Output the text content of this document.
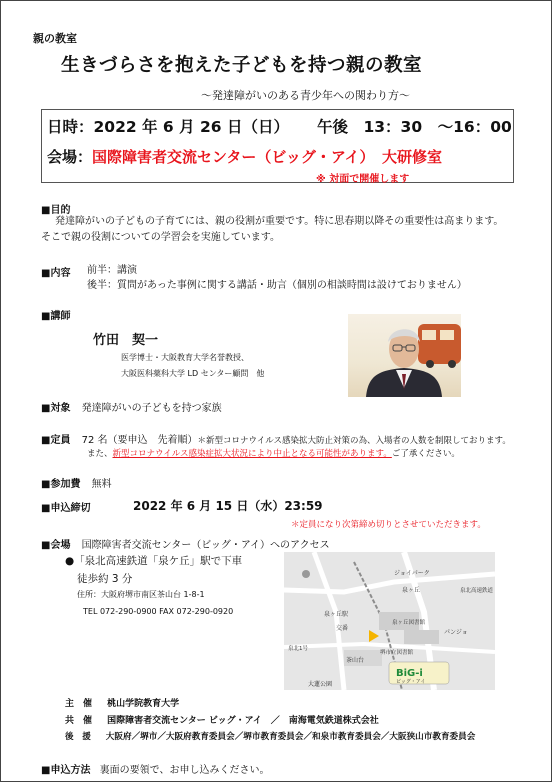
親の教室
生きづらさを抱えた子どもを持つ親の教室
～発達障がいのある青少年への関わり方～
日時：2022 年 6 月 26 日（日） 午後　13：30　～16：00
会場：国際障害者交流センター（ビッグ・アイ）　大研修室
※ 対面で開催します
■目的
発達障がいの子どもの子育てには、親の役割が重要です。特に思春期以降その重要性は高まります。
そこで親の役割についての学習会を実施しています。
■内容 前半：講演
後半：質問があった事例に関する講話・助言（個別の相談時間は設けておりません）
■講師
竹田　契一
医学博士・大阪教育大学名誉教授、
大阪医科薬科大学 LD センター顧問　他
■対象 発達障がいの子どもを持つ家族
■定員 72 名（要申込　先着順）＊新型コロナウイルス感染拡大防止対策の為、入場者の人数を制限しております。
また、新型コロナウイルス感染症拡大状況により中止となる可能性があります。ご了承ください。
■参加費 無料
■申込締切	2022 年 6 月 15 日（水）23:59
＊定員になり次第締め切りとさせていただきます。
■会場 国際障害者交流センター（ビッグ・アイ）へのアクセス
●「泉北高速鉄道「泉ケ丘」駅で下車
徒歩約 3 分
住所：大阪府堺市南区茶山台 1-8-1
TEL 072-290-0900 FAX 072-290-0920
ジョイパーク
泉ヶ丘	泉北高速鉄道
泉ヶ丘駅
パンジョ
交番
泉ヶ丘図書館
堺市立図書館
茶山台
泉北1号
大蓮公園
BiG-i
ビッグ・アイ
主　催 桃山学院教育大学
共　催 国際障害者交流センター ビッグ・アイ　／　南海電気鉄道株式会社
後　援 大阪府／堺市／大阪府教育委員会／堺市教育委員会／和泉市教育委員会／大阪狭山市教育委員会
■申込方法 裏面の要領で、お申し込みください。
